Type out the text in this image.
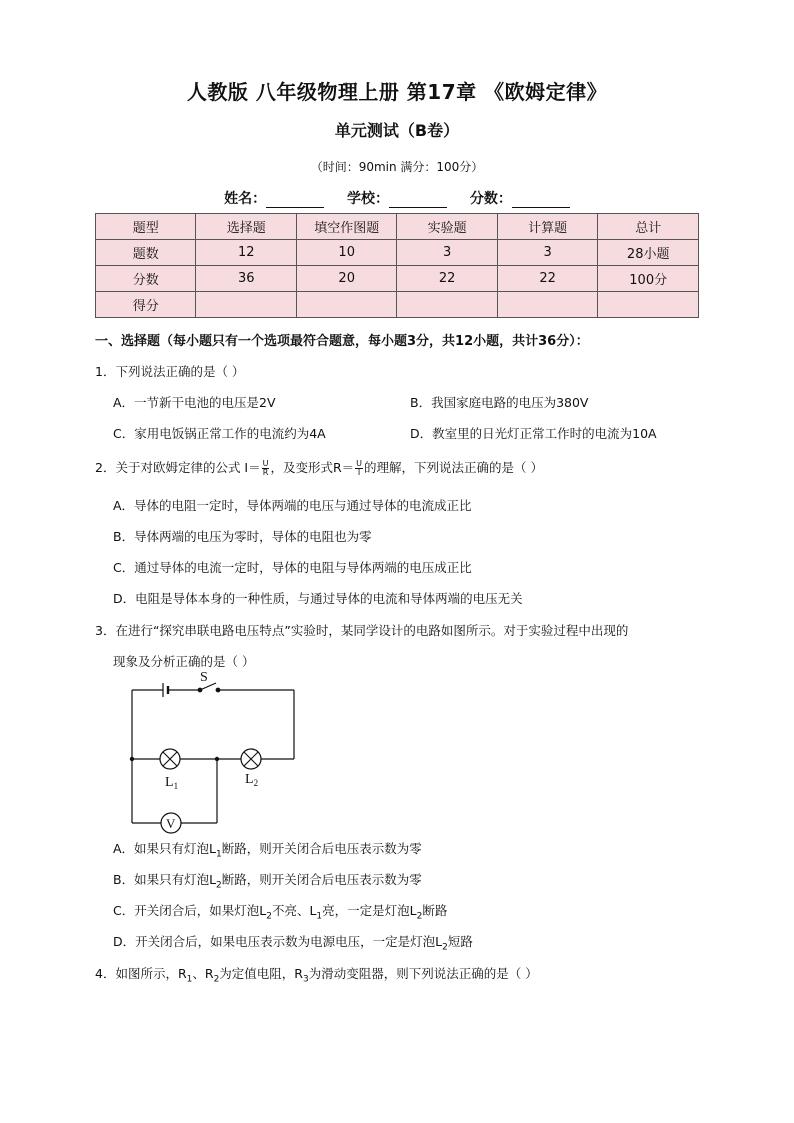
人教版 八年级物理上册 第17章 《欧姆定律》
单元测试（B卷）
（时间：90min 满分：100分）
姓名：	学校：	分数：
题型	选择题	填空作图题	实验题	计算题	总计
题数	12	10	3	3	28小题
分数	36	20	22	22	100分
得分					
一、选择题（每小题只有一个选项最符合题意，每小题3分，共12小题，共计36分）：
1．下列说法正确的是（ ）
A．一节新干电池的电压是2V	B．我国家庭电路的电压为380V
C．家用电饭锅正常工作的电流约为4A	D．教室里的日光灯正常工作时的电流为10A
2．关于对欧姆定律的公式 $I= \frac{U}{R}$ ，及变形式$R= \frac{U}{I}$ 的理解，下列说法正确的是（ ）
A．导体的电阻一定时，导体两端的电压与通过导体的电流成正比
B．导体两端的电压为零时，导体的电阻也为零
C．通过导体的电流一定时，导体的电阻与导体两端的电压成正比
D．电阻是导体本身的一种性质，与通过导体的电流和导体两端的电压无关
3．在进行“探究串联电路电压特点”实验时，某同学设计的电路如图所示。对于实验过程中出现的
现象及分析正确的是（ ）
S
$L_1$	$L_2$
V
A．如果只有灯泡$L_1$断路，则开关闭合后电压表示数为零
B．如果只有灯泡$L_2$断路，则开关闭合后电压表示数为零
C．开关闭合后，如果灯泡$L_2$不亮、$L_1$亮，一定是灯泡$L_2$断路
D．开关闭合后，如果电压表示数为电源电压，一定是灯泡$L_2$短路
4．如图所示，$R_1$、$R_2$为定值电阻，$R_3$为滑动变阻器，则下列说法正确的是（ ）
